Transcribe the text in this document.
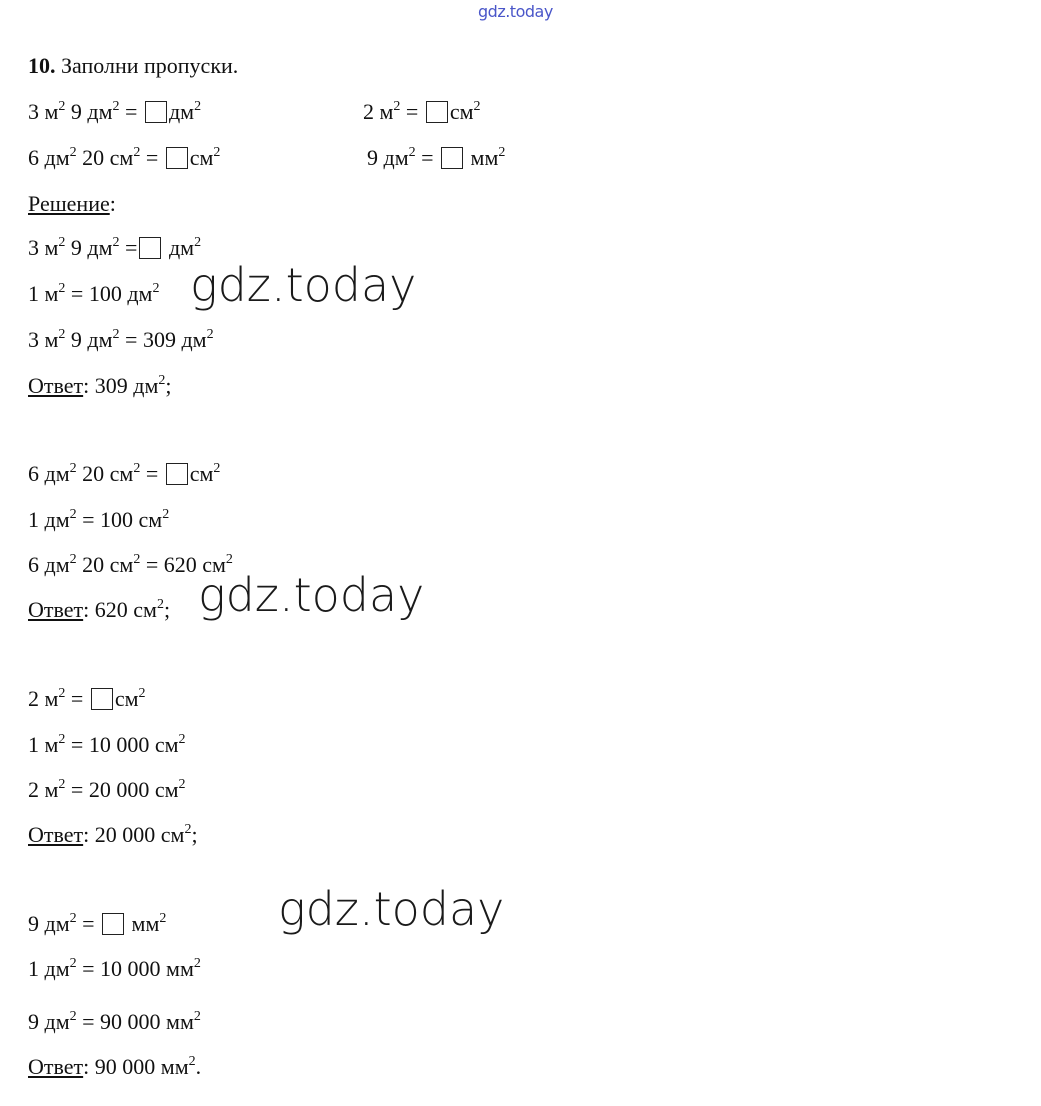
gdz.today
10. Заполни пропуски.
3 $м^2$ 9 $дм^2 = дм^2$	2 $м^2 = см^2$
6 $дм^2$ 20 $см^2 = см^2$	9 $дм^2 = мм^2$
Решение:
3 $м^2$ 9 $дм^2 = дм^2$
1 $м^2 = 100$ $дм^2$ gdz.today
3 $м^2$ 9 $дм^2 = 309$ $дм^2$
Ответ: 309 $дм^2$;
6 $дм^2$ 20 $см^2 = см^2$
1 $дм^2 = 100$ $см^2$
6 $дм^2$ 20 $см^2 = 620$ $см^2$
Ответ: 620 $см^2$; gdz.today
2 $м^2 = см^2$
1 $м^2 = 10$ 000 $см^2$
2 $м^2 = 20$ 000 $см^2$
Ответ: 20 000 $см^2$;
9 $дм^2 = мм^2$ gdz.today
1 $дм^2 = 10$ 000 $мм^2$
9 $дм^2 = 90$ 000 $мм^2$
Ответ: 90 000 $мм^2$.
